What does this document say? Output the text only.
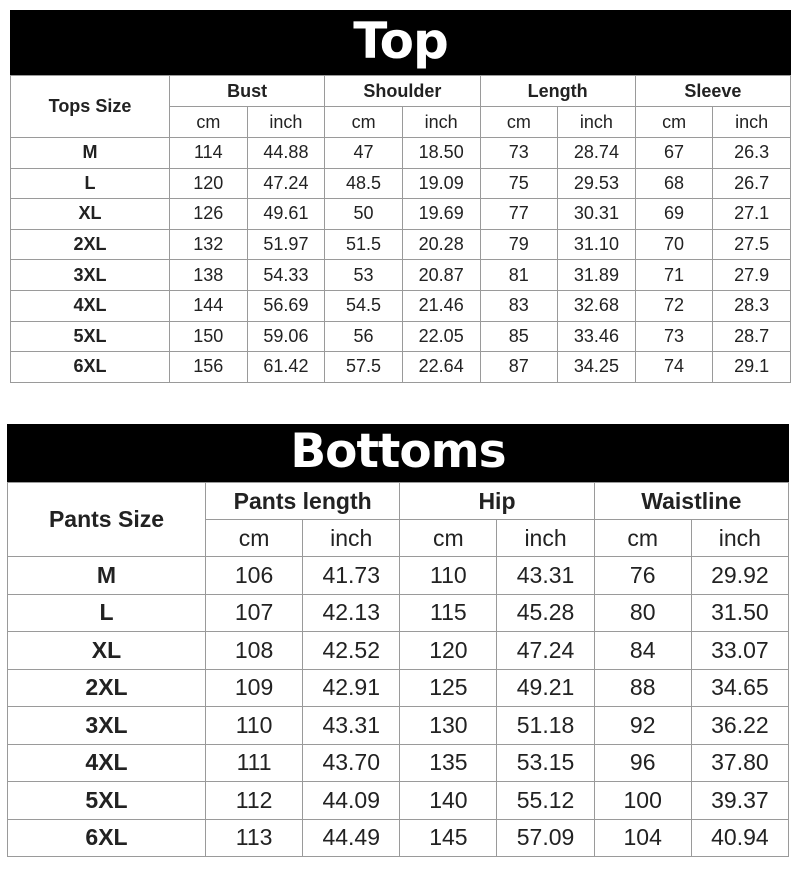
Top
Tops Size	Bust		Shoulder		Length		Sleeve	
	cm	inch	cm	inch	cm	inch	cm	inch
M	114	44.88	47	18.50	73	28.74	67	26.3
L	120	47.24	48.5	19.09	75	29.53	68	26.7
XL	126	49.61	50	19.69	77	30.31	69	27.1
2XL	132	51.97	51.5	20.28	79	31.10	70	27.5
3XL	138	54.33	53	20.87	81	31.89	71	27.9
4XL	144	56.69	54.5	21.46	83	32.68	72	28.3
5XL	150	59.06	56	22.05	85	33.46	73	28.7
6XL	156	61.42	57.5	22.64	87	34.25	74	29.1
Bottoms
Pants Size	Pants length		Hip		Waistline	
	cm	inch	cm	inch	cm	inch
M	106	41.73	110	43.31	76	29.92
L	107	42.13	115	45.28	80	31.50
XL	108	42.52	120	47.24	84	33.07
2XL	109	42.91	125	49.21	88	34.65
3XL	110	43.31	130	51.18	92	36.22
4XL	111	43.70	135	53.15	96	37.80
5XL	112	44.09	140	55.12	100	39.37
6XL	113	44.49	145	57.09	104	40.94
